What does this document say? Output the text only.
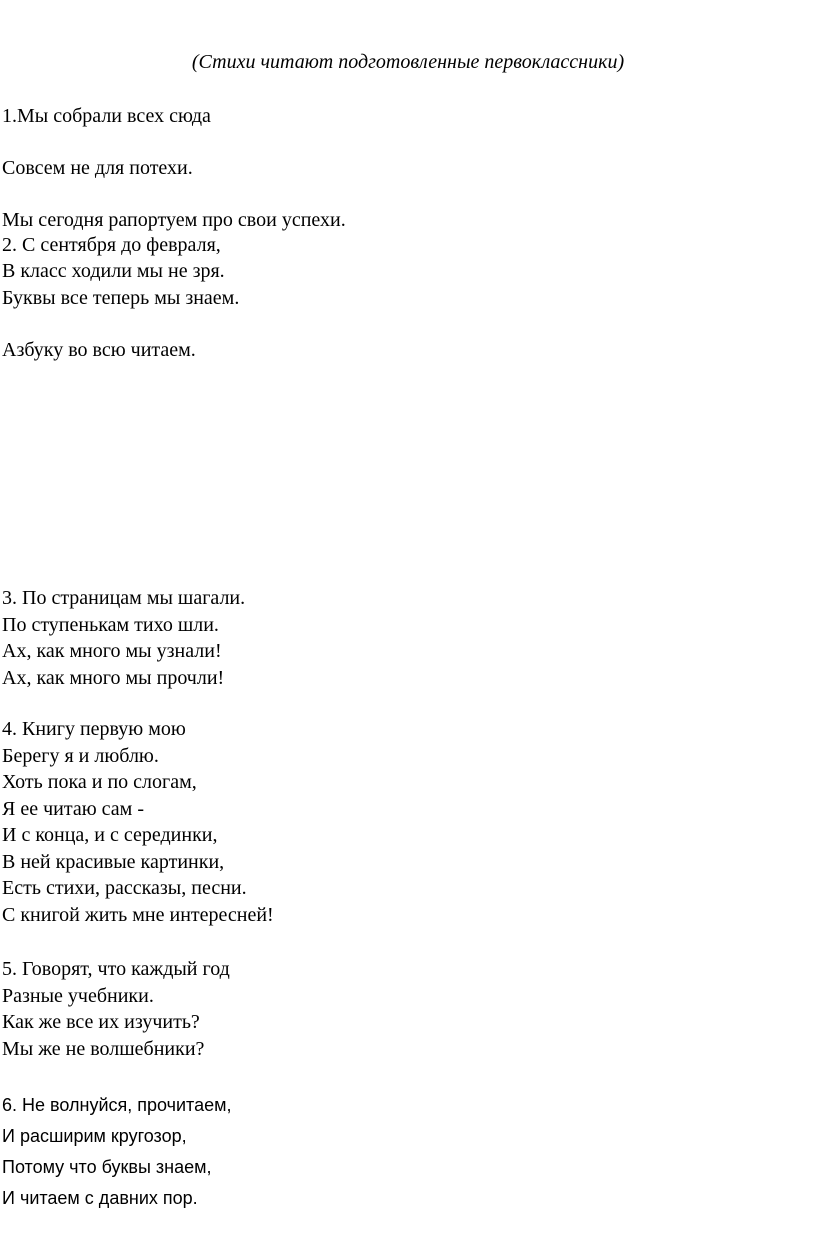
(Стихи читают подготовленные первоклассники)
1.Мы собрали всех сюда
Совсем не для потехи.
Мы сегодня рапортуем про свои успехи.
2. С сентября до февраля,
В класс ходили мы не зря.
Буквы все теперь мы знаем.
Азбуку во всю читаем.
3. По страницам мы шагали.
По ступенькам тихо шли.
Ах, как много мы узнали!
Ах, как много мы прочли!
4. Книгу первую мою
Берегу я и люблю.
Хоть пока и по слогам,
Я ее читаю сам -
И с конца, и с серединки,
В ней красивые картинки,
Есть стихи, рассказы, песни.
С книгой жить мне интересней!
5. Говорят, что каждый год
Разные учебники.
Как же все их изучить?
Мы же не волшебники?
6. Не волнуйся, прочитаем,
И расширим кругозор,
Потому что буквы знаем,
И читаем с давних пор.
